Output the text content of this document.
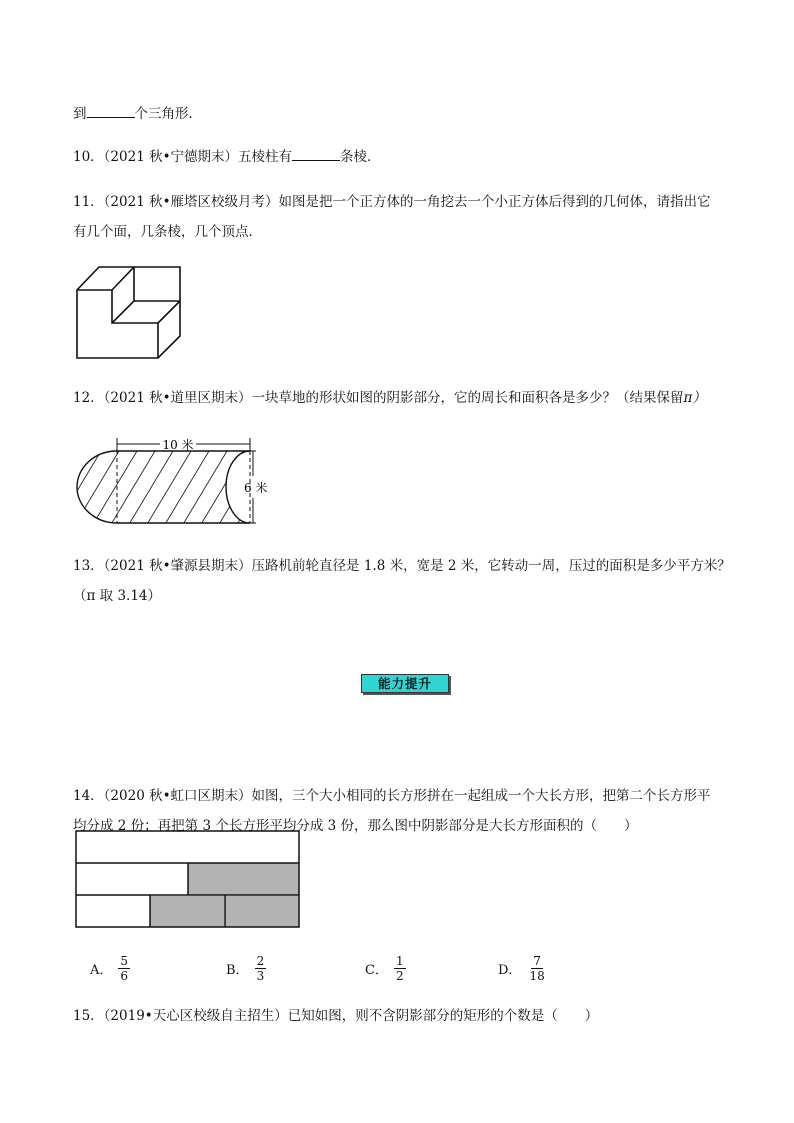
到	个三角形．
10．（2021 秋•宁德期末）五棱柱有	条棱．
11．（2021 秋•雁塔区校级月考）如图是把一个正方体的一角挖去一个小正方体后得到的几何体，请指出它
有几个面，几条棱，几个顶点．
12．（2021 秋•道里区期末）一块草地的形状如图的阴影部分，它的周长和面积各是多少？（结果保留π）
10 米
6 米
13．（2021 秋•肇源县期末）压路机前轮直径是 1.8 米，宽是 2 米，它转动一周，压过的面积是多少平方米？
（π 取 3.14）
能力提升
14．（2020 秋•虹口区期末）如图，三个大小相同的长方形拼在一起组成一个大长方形，把第二个长方形平
均分成 2 份；再把第 3 个长方形平均分成 3 份，那么图中阴影部分是大长方形面积的（　　）
A． $\frac{5}{6}$	B． $\frac{2}{3}$	C． $\frac{1}{2}$	D． $\frac{7}{18}$
15．（2019•天心区校级自主招生）已知如图，则不含阴影部分的矩形的个数是（　　）
